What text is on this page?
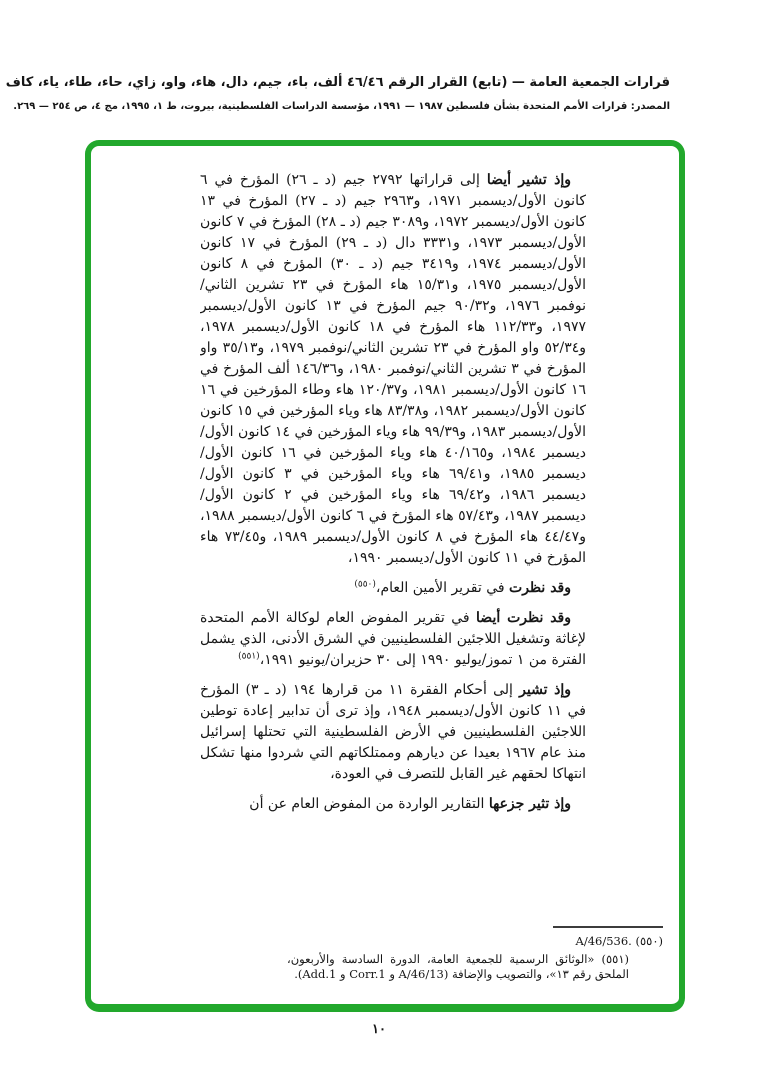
قرارات الجمعية العامة — (تابع) القرار الرقم ٤٦/٤٦ ألف، باء، جيم، دال، هاء، واو، زاي، حاء، طاء، ياء، كاف
المصدر: قرارات الأمم المتحدة بشأن فلسطين ١٩٨٧ — ١٩٩١، مؤسسة الدراسات الفلسطينية، بيروت، ط ١، ١٩٩٥، مج ٤، ص ٢٥٤ — ٢٦٩.

وإذ تشير أيضا إلى قراراتها ٢٧٩٢ جيم (د ـ ٢٦) المؤرخ في ٦ كانون الأول/ديسمبر ١٩٧١، و٢٩٦٣ جيم (د ـ ٢٧) المؤرخ في ١٣ كانون الأول/ديسمبر ١٩٧٢، و٣٠٨٩ جيم (د ـ ٢٨) المؤرخ في ٧ كانون الأول/ديسمبر ١٩٧٣، و٣٣٣١ دال (د ـ ٢٩) المؤرخ في ١٧ كانون الأول/ديسمبر ١٩٧٤، و٣٤١٩ جيم (د ـ ٣٠) المؤرخ في ٨ كانون الأول/ديسمبر ١٩٧٥، و١٥/٣١ هاء المؤرخ في ٢٣ تشرين الثاني/نوفمبر ١٩٧٦، و٩٠/٣٢ جيم المؤرخ في ١٣ كانون الأول/ديسمبر ١٩٧٧، و١١٢/٣٣ هاء المؤرخ في ١٨ كانون الأول/ديسمبر ١٩٧٨، و٥٢/٣٤ واو المؤرخ في ٢٣ تشرين الثاني/نوفمبر ١٩٧٩، و٣٥/١٣ واو المؤرخ في ٣ تشرين الثاني/نوفمبر ١٩٨٠، و١٤٦/٣٦ ألف المؤرخ في ١٦ كانون الأول/ديسمبر ١٩٨١، و١٢٠/٣٧ هاء وطاء المؤرخين في ١٦ كانون الأول/ديسمبر ١٩٨٢، و٨٣/٣٨ هاء وياء المؤرخين في ١٥ كانون الأول/ديسمبر ١٩٨٣، و٩٩/٣٩ هاء وياء المؤرخين في ١٤ كانون الأول/ديسمبر ١٩٨٤، و٤٠/١٦٥ هاء وياء المؤرخين في ١٦ كانون الأول/ديسمبر ١٩٨٥، و٦٩/٤١ هاء وياء المؤرخين في ٣ كانون الأول/ديسمبر ١٩٨٦، و٦٩/٤٢ هاء وياء المؤرخين في ٢ كانون الأول/ديسمبر ١٩٨٧، و٥٧/٤٣ هاء المؤرخ في ٦ كانون الأول/ديسمبر ١٩٨٨، و٤٤/٤٧ هاء المؤرخ في ٨ كانون الأول/ديسمبر ١٩٨٩، و٧٣/٤٥ هاء المؤرخ في ١١ كانون الأول/ديسمبر ١٩٩٠،

وقد نظرت في تقرير الأمين العام،$^{(٥٥٠)}$

وقد نظرت أيضا في تقرير المفوض العام لوكالة الأمم المتحدة لإغاثة وتشغيل اللاجئين الفلسطينيين في الشرق الأدنى، الذي يشمل الفترة من ١ تموز/يوليو ١٩٩٠ إلى ٣٠ حزيران/يونيو ١٩٩١،$^{(٥٥١)}$

وإذ تشير إلى أحكام الفقرة ١١ من قرارها ١٩٤ (د ـ ٣) المؤرخ في ١١ كانون الأول/ديسمبر ١٩٤٨، وإذ ترى أن تدابير إعادة توطين اللاجئين الفلسطينيين في الأرض الفلسطينية التي تحتلها إسرائيل منذ عام ١٩٦٧ بعيدا عن ديارهم وممتلكاتهم التي شردوا منها تشكل انتهاكا لحقهم غير القابل للتصرف في العودة،

وإذ تثير جزعها التقارير الواردة من المفوض العام عن أن

(٥٥٠) A/46/536.
(٥٥١) «الوثائق الرسمية للجمعية العامة، الدورة السادسة والأربعون، الملحق رقم ١٣»، والتصويب والإضافة (A/46/13 و Corr.1 و Add.1).
١٠
